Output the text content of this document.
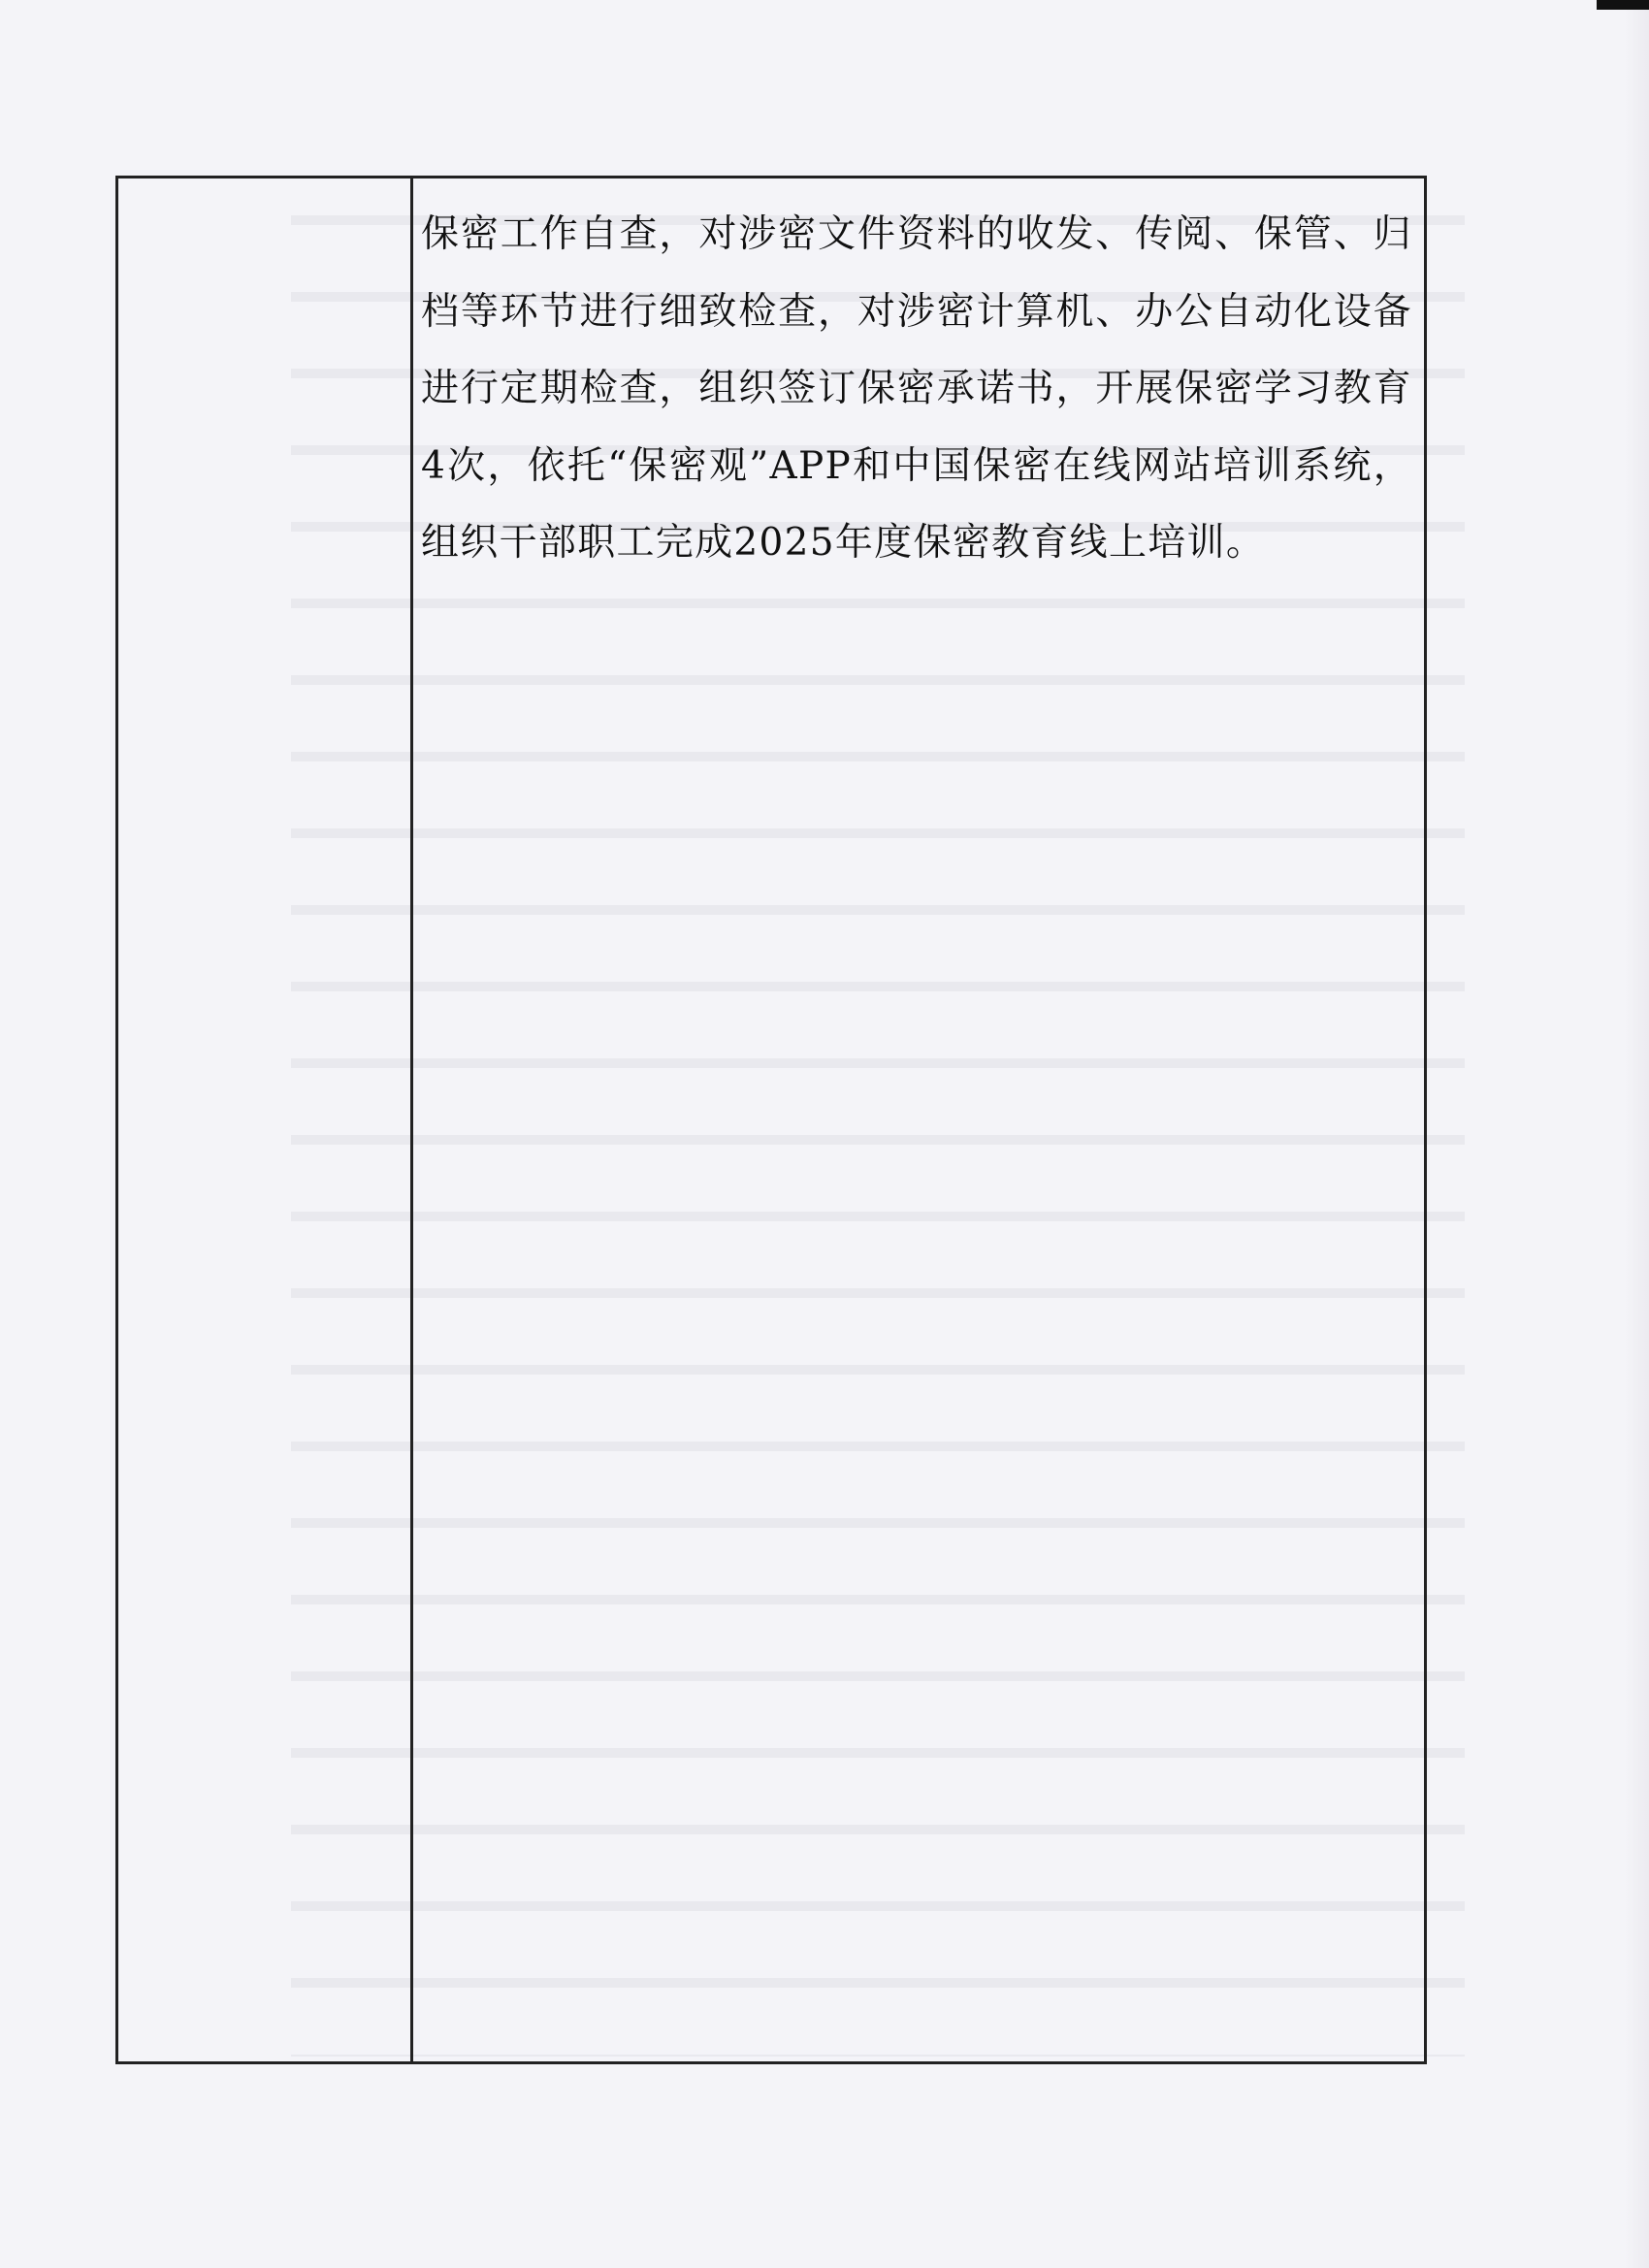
保密工作自查，对涉密文件资料的收发、传阅、保管、归档等环节进行细致检查，对涉密计算机、办公自动化设备进行定期检查，组织签订保密承诺书，开展保密学习教育4次，依托“保密观”APP和中国保密在线网站培训系统，组织干部职工完成2025年度保密教育线上培训。
